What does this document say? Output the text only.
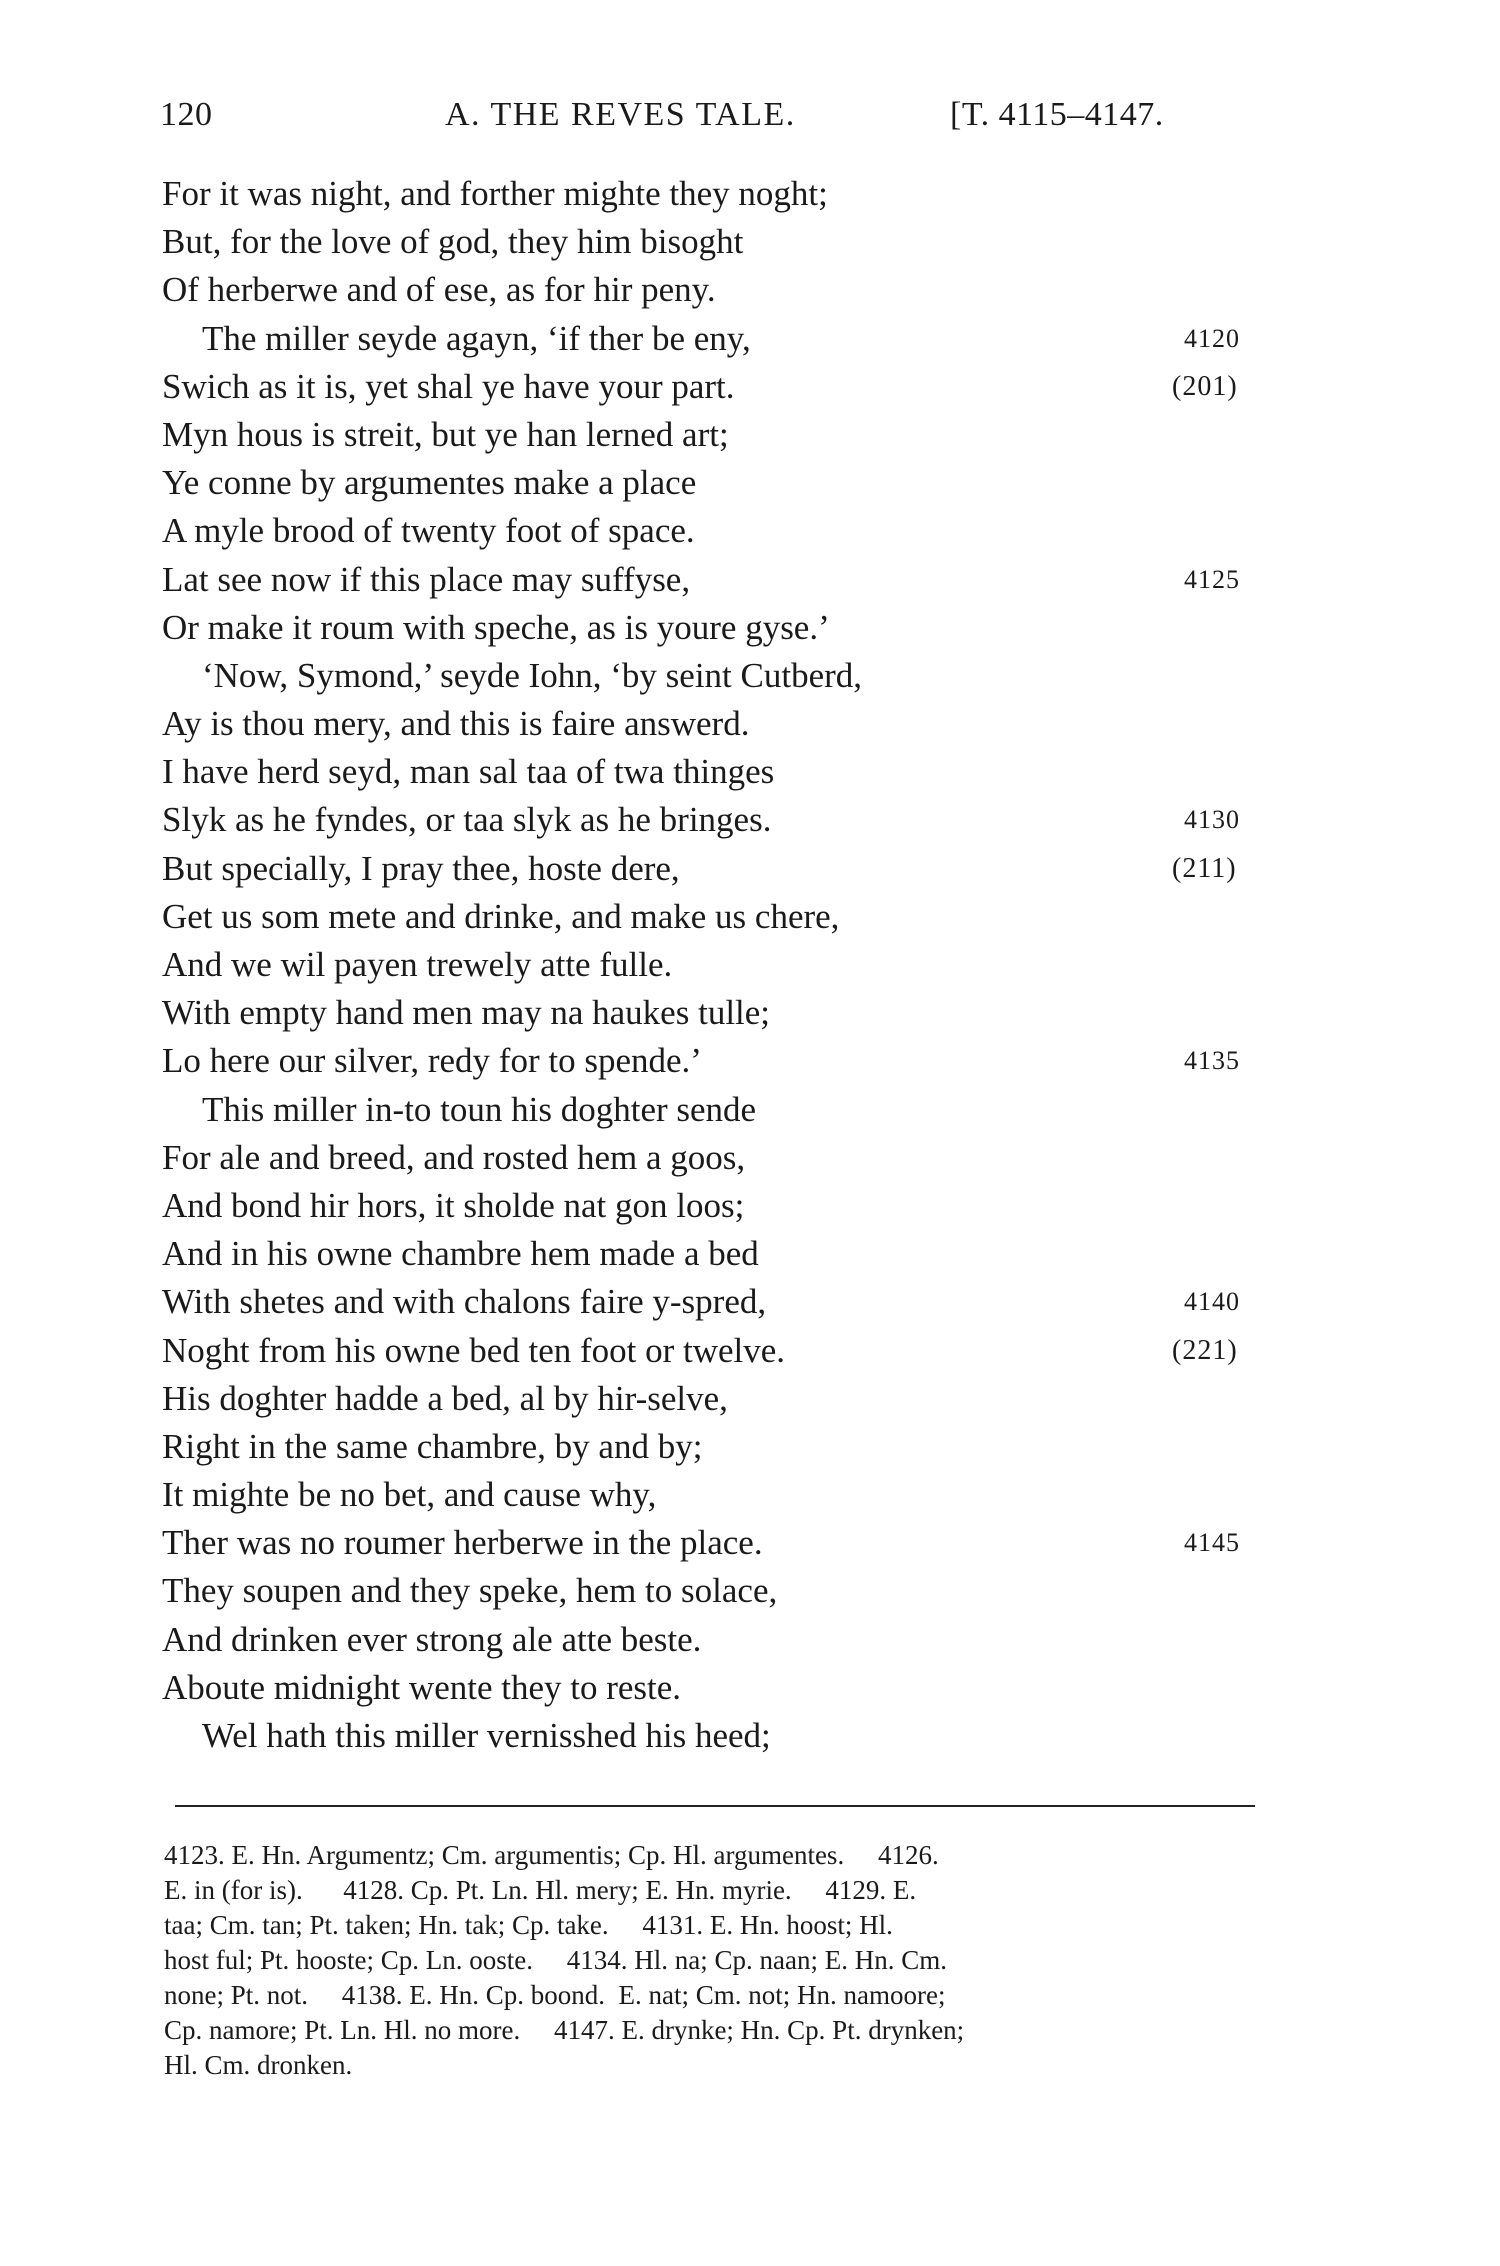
120	A. THE REVES TALE.	[T. 4115–4147.
For it was night, and forther mighte they noght;
But, for the love of god, they him bisoght
Of herberwe and of ese, as for hir peny.
The miller seyde agayn, ‘if ther be eny,	4120
Swich as it is, yet shal ye have your part.	(201)
Myn hous is streit, but ye han lerned art;
Ye conne by argumentes make a place
A myle brood of twenty foot of space.
Lat see now if this place may suffyse,	4125
Or make it roum with speche, as is youre gyse.’
‘Now, Symond,’ seyde Iohn, ‘by seint Cutberd,
Ay is thou mery, and this is faire answerd.
I have herd seyd, man sal taa of twa thinges
Slyk as he fyndes, or taa slyk as he bringes.	4130
But specially, I pray thee, hoste dere,	(211)
Get us som mete and drinke, and make us chere,
And we wil payen trewely atte fulle.
With empty hand men may na haukes tulle;
Lo here our silver, redy for to spende.’	4135
This miller in-to toun his doghter sende
For ale and breed, and rosted hem a goos,
And bond hir hors, it sholde nat gon loos;
And in his owne chambre hem made a bed
With shetes and with chalons faire y-spred,	4140
Noght from his owne bed ten foot or twelve.	(221)
His doghter hadde a bed, al by hir-selve,
Right in the same chambre, by and by;
It mighte be no bet, and cause why,
Ther was no roumer herberwe in the place.	4145
They soupen and they speke, hem to solace,
And drinken ever strong ale atte beste.
Aboute midnight wente they to reste.
Wel hath this miller vernisshed his heed;
4123. E. Hn. Argumentz; Cm. argumentis; Cp. Hl. argumentes.     4126.
E. in (for is).      4128. Cp. Pt. Ln. Hl. mery; E. Hn. myrie.     4129. E.
taa; Cm. tan; Pt. taken; Hn. tak; Cp. take.     4131. E. Hn. hoost; Hl.
host ful; Pt. hooste; Cp. Ln. ooste.     4134. Hl. na; Cp. naan; E. Hn. Cm.
none; Pt. not.     4138. E. Hn. Cp. boond.  E. nat; Cm. not; Hn. namoore;
Cp. namore; Pt. Ln. Hl. no more.     4147. E. drynke; Hn. Cp. Pt. drynken;
Hl. Cm. dronken.
